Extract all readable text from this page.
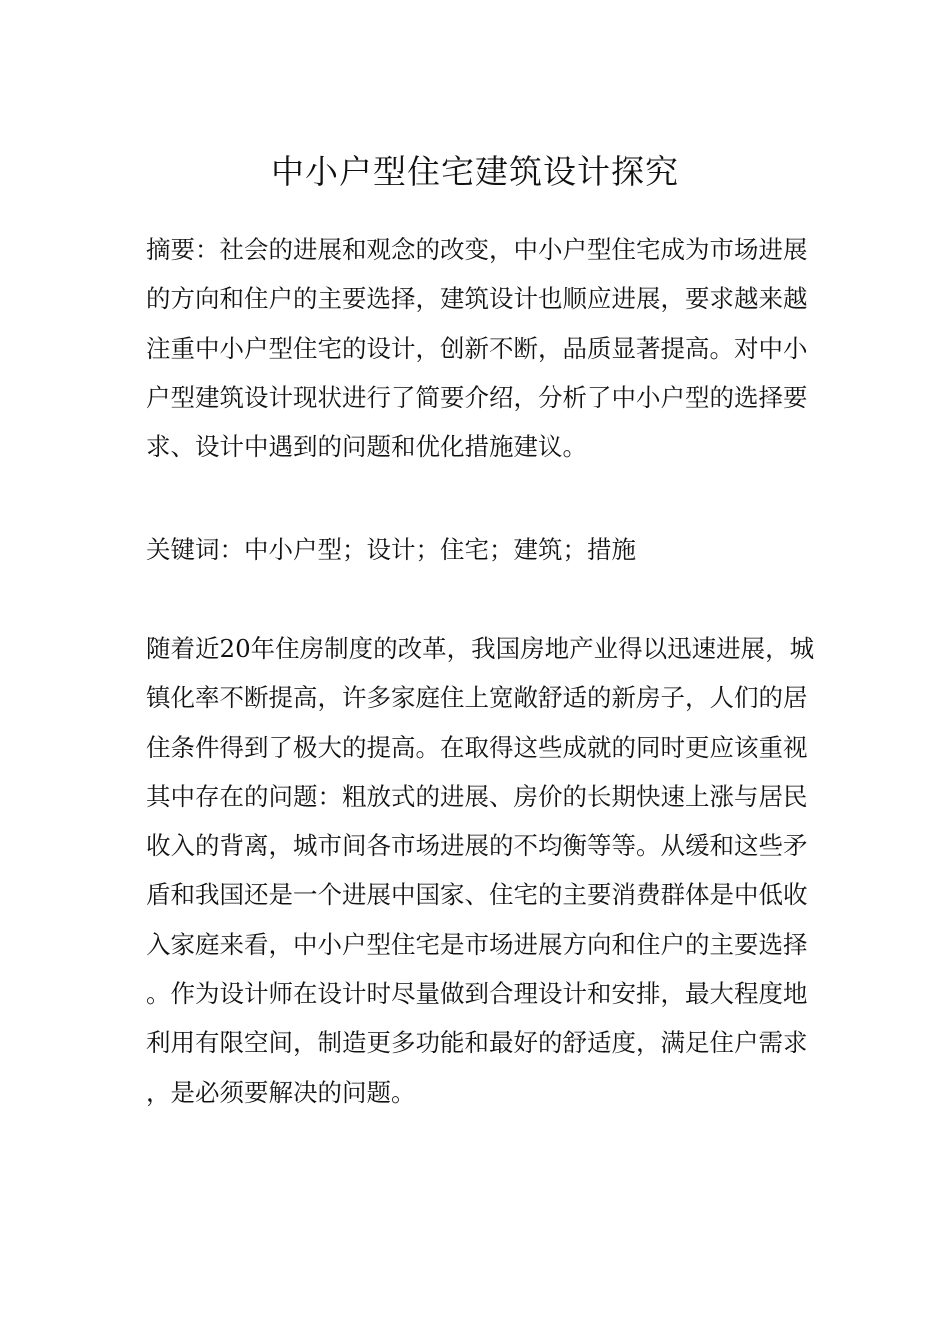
中小户型住宅建筑设计探究

摘要：社会的进展和观念的改变，中小户型住宅成为市场进展的方向和住户的主要选择，建筑设计也顺应进展，要求越来越注重中小户型住宅的设计，创新不断，品质显著提高。对中小户型建筑设计现状进行了简要介绍，分析了中小户型的选择要求、设计中遇到的问题和优化措施建议。

关键词：中小户型；设计；住宅；建筑；措施

随着近20年住房制度的改革，我国房地产业得以迅速进展，城镇化率不断提高，许多家庭住上宽敞舒适的新房子，人们的居住条件得到了极大的提高。在取得这些成就的同时更应该重视其中存在的问题：粗放式的进展、房价的长期快速上涨与居民收入的背离，城市间各市场进展的不均衡等等。从缓和这些矛盾和我国还是一个进展中国家、住宅的主要消费群体是中低收入家庭来看，中小户型住宅是市场进展方向和住户的主要选择。作为设计师在设计时尽量做到合理设计和安排，最大程度地利用有限空间，制造更多功能和最好的舒适度，满足住户需求，是必须要解决的问题。
